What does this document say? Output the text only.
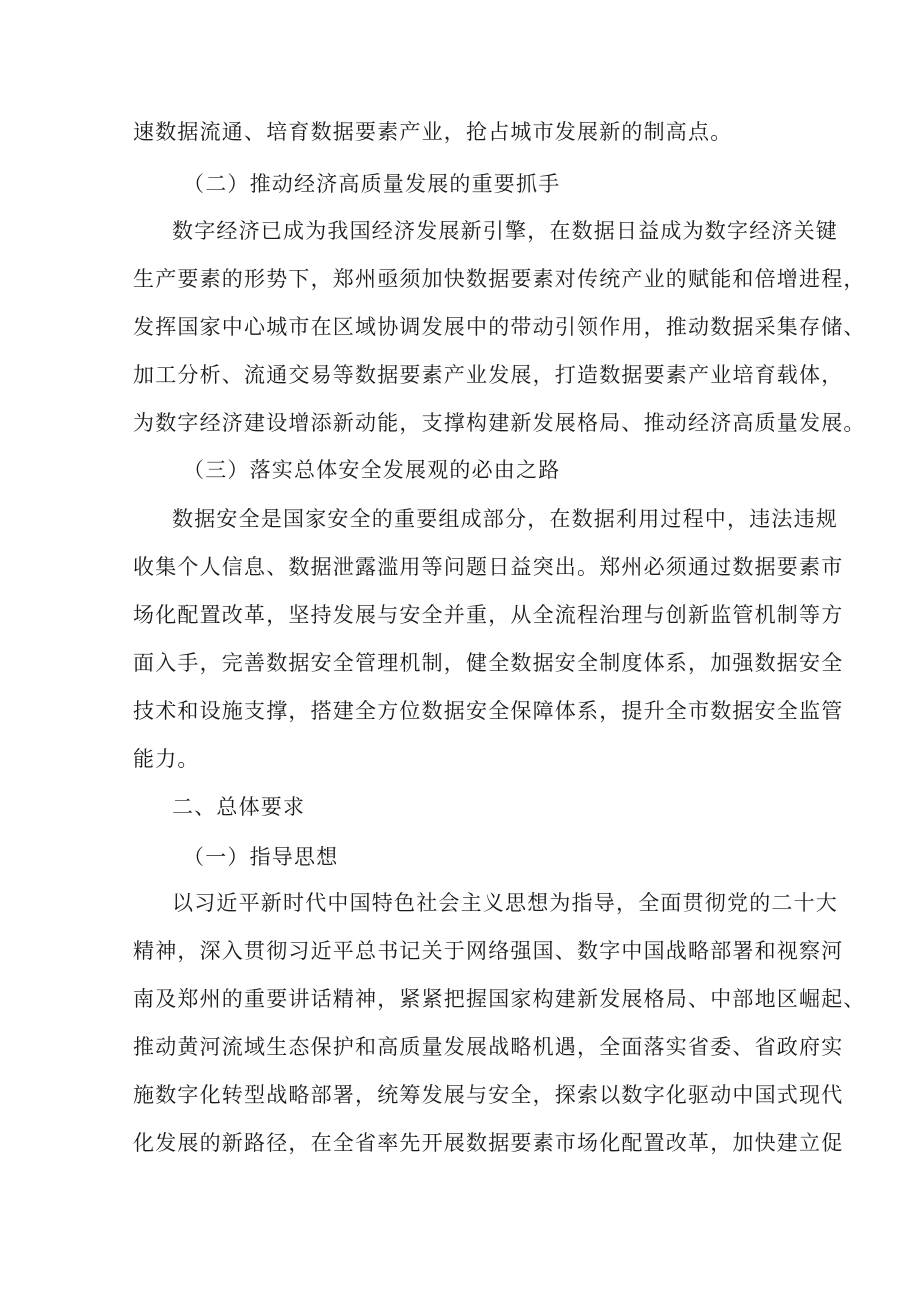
速数据流通、培育数据要素产业，抢占城市发展新的制高点。
（二）推动经济高质量发展的重要抓手
数字经济已成为我国经济发展新引擎，在数据日益成为数字经济关键
生产要素的形势下，郑州亟须加快数据要素对传统产业的赋能和倍增进程，
发挥国家中心城市在区域协调发展中的带动引领作用，推动数据采集存储、
加工分析、流通交易等数据要素产业发展，打造数据要素产业培育载体，
为数字经济建设增添新动能，支撑构建新发展格局、推动经济高质量发展。
（三）落实总体安全发展观的必由之路
数据安全是国家安全的重要组成部分，在数据利用过程中，违法违规
收集个人信息、数据泄露滥用等问题日益突出。郑州必须通过数据要素市
场化配置改革，坚持发展与安全并重，从全流程治理与创新监管机制等方
面入手，完善数据安全管理机制，健全数据安全制度体系，加强数据安全
技术和设施支撑，搭建全方位数据安全保障体系，提升全市数据安全监管
能力。
二、总体要求
（一）指导思想
以习近平新时代中国特色社会主义思想为指导，全面贯彻党的二十大
精神，深入贯彻习近平总书记关于网络强国、数字中国战略部署和视察河
南及郑州的重要讲话精神，紧紧把握国家构建新发展格局、中部地区崛起、
推动黄河流域生态保护和高质量发展战略机遇，全面落实省委、省政府实
施数字化转型战略部署，统筹发展与安全，探索以数字化驱动中国式现代
化发展的新路径，在全省率先开展数据要素市场化配置改革，加快建立促
